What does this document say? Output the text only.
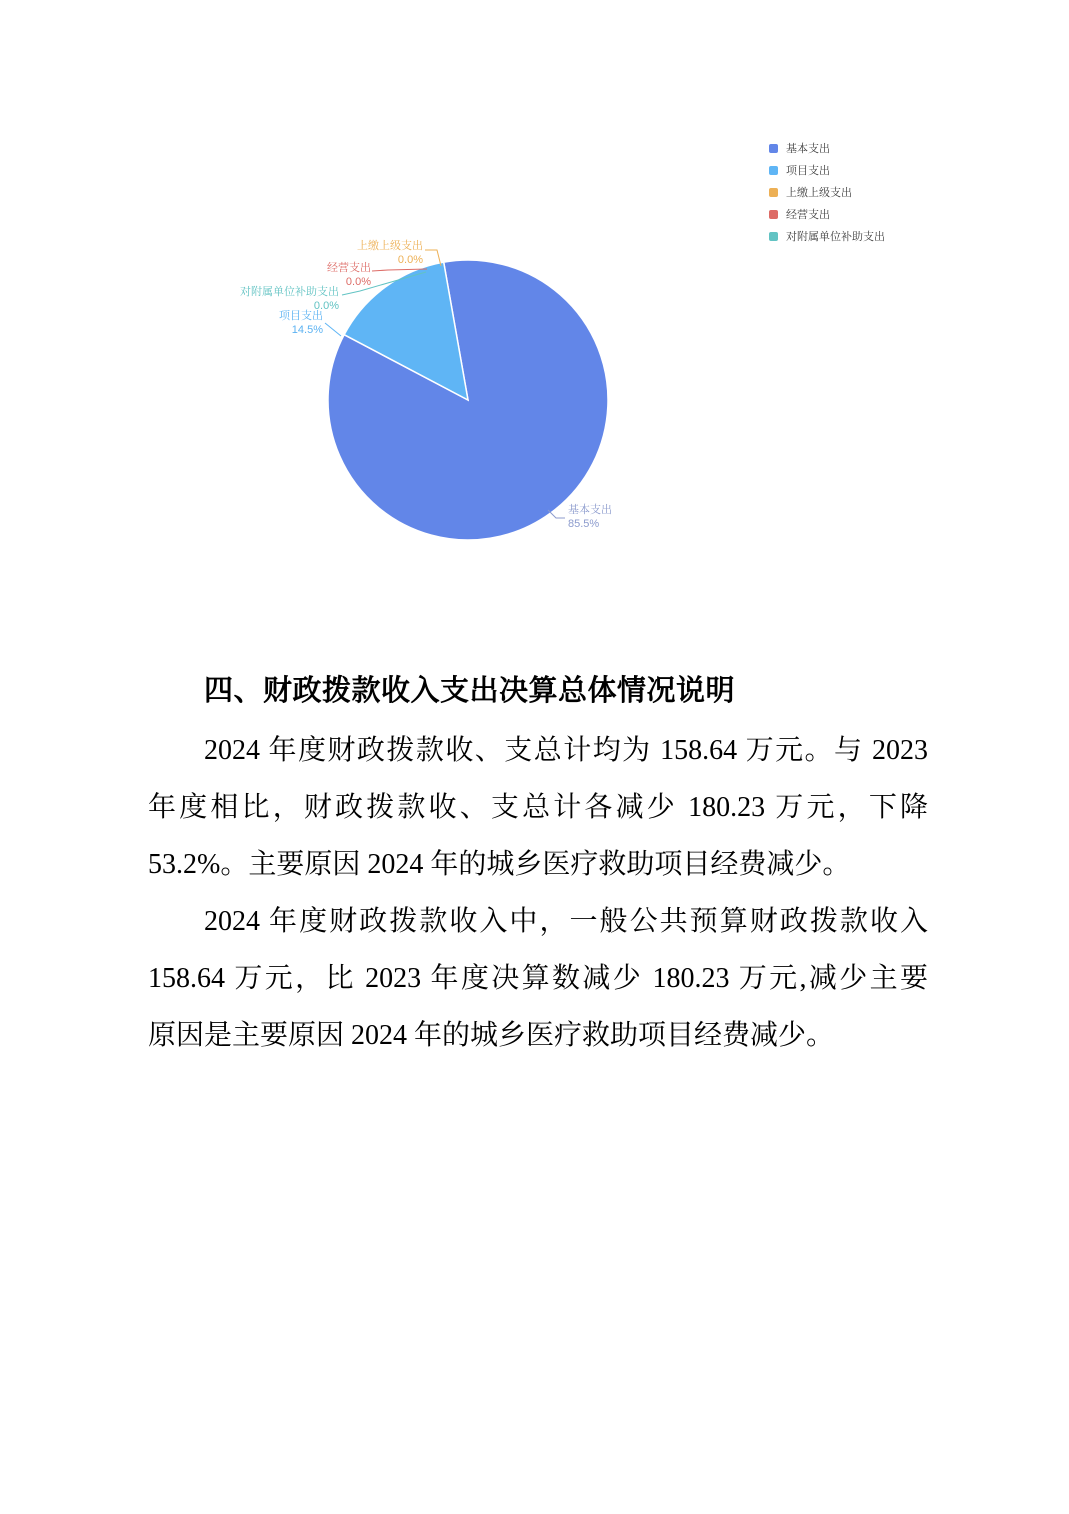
基本支出
项目支出
上缴上级支出
经营支出
对附属单位补助支出
上缴上级支出
0.0%
经营支出
0.0%
对附属单位补助支出
0.0%
项目支出
14.5%
基本支出
85.5%
四、财政拨款收入支出决算总体情况说明
2024 年度财政拨款收、支总计均为 158.64 万元。与 2023
年度相比，财政拨款收、支总计各减少 180.23 万元，下降
53.2%。主要原因 2024 年的城乡医疗救助项目经费减少。
2024 年度财政拨款收入中，一般公共预算财政拨款收入
158.64 万元，比 2023 年度决算数减少 180.23 万元,减少主要
原因是主要原因 2024 年的城乡医疗救助项目经费减少。
